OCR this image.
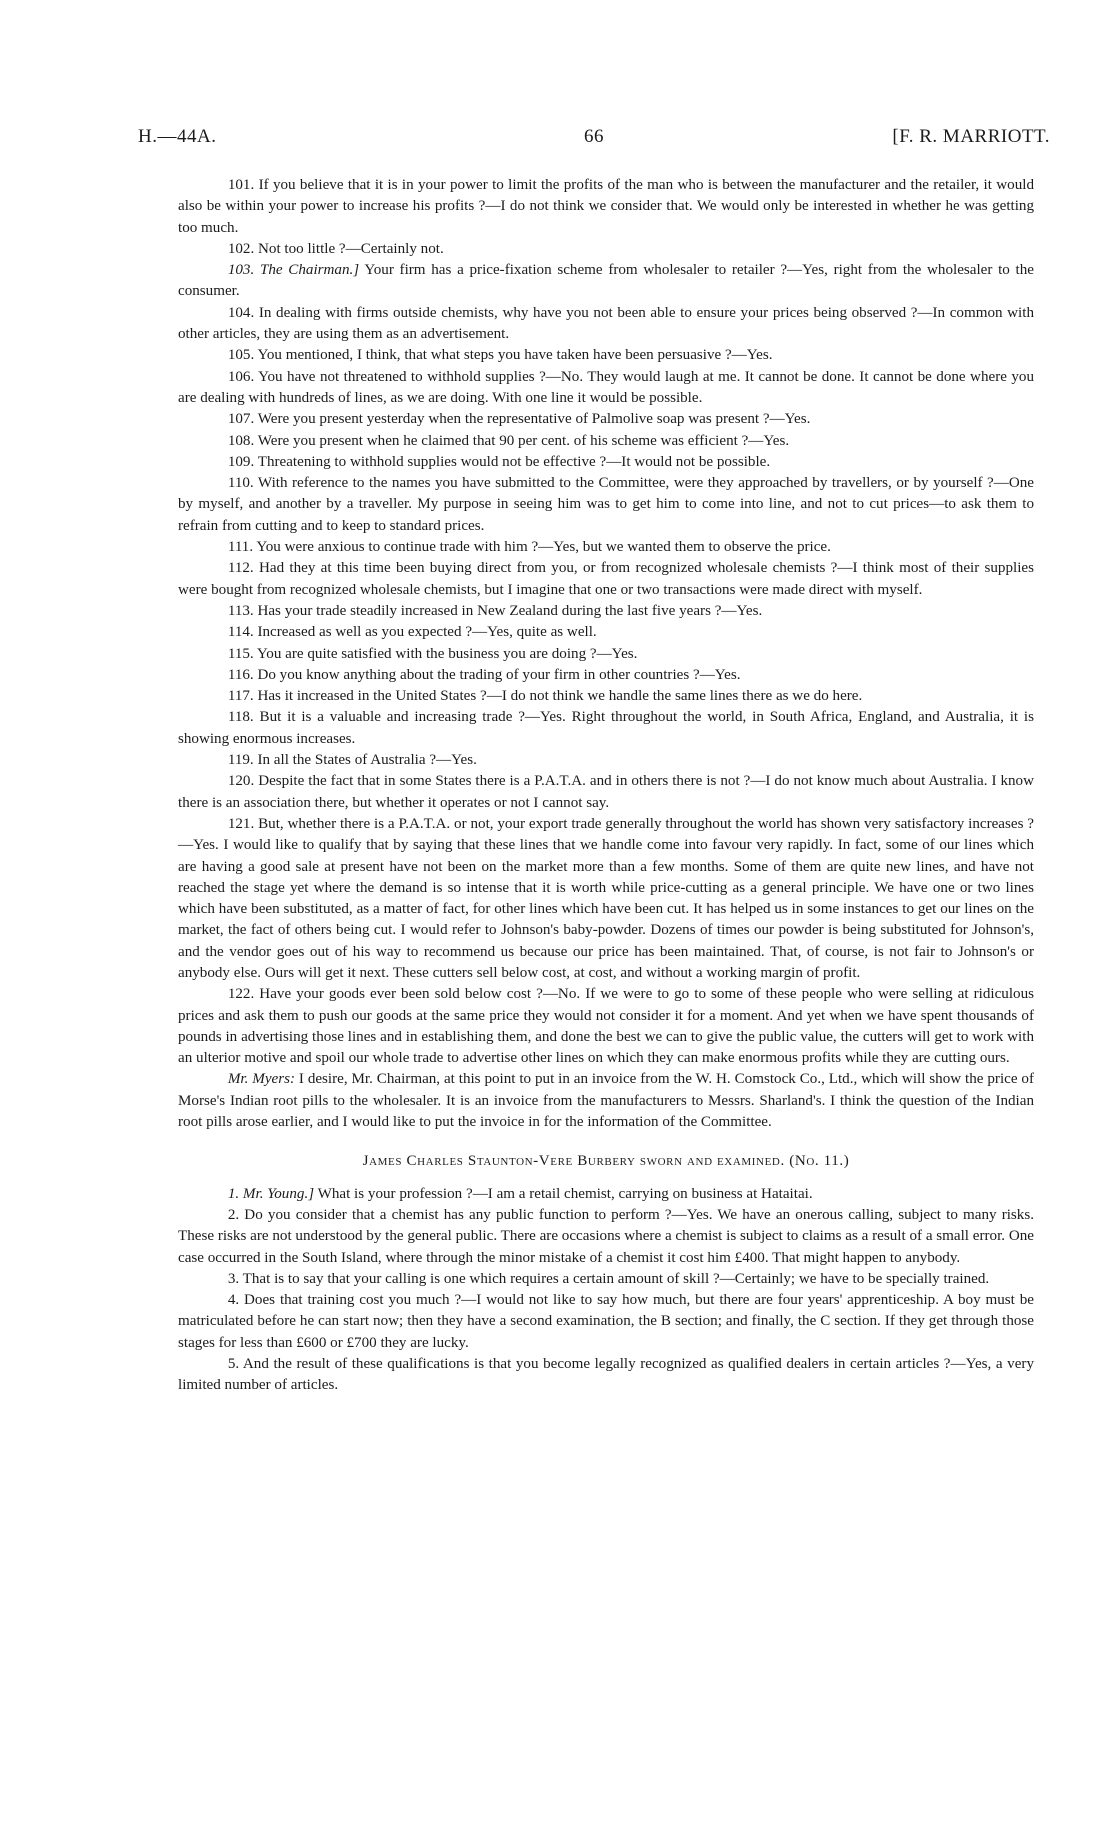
H.—44A.	66	[F. R. MARRIOTT.

101. If you believe that it is in your power to limit the profits of the man who is between the manufacturer and the retailer, it would also be within your power to increase his profits ?—I do not think we consider that. We would only be interested in whether he was getting too much.

102. Not too little ?—Certainly not.

103. The Chairman.] Your firm has a price-fixation scheme from wholesaler to retailer ?—Yes, right from the wholesaler to the consumer.

104. In dealing with firms outside chemists, why have you not been able to ensure your prices being observed ?—In common with other articles, they are using them as an advertisement.

105. You mentioned, I think, that what steps you have taken have been persuasive ?—Yes.

106. You have not threatened to withhold supplies ?—No. They would laugh at me. It cannot be done. It cannot be done where you are dealing with hundreds of lines, as we are doing. With one line it would be possible.

107. Were you present yesterday when the representative of Palmolive soap was present ?—Yes.

108. Were you present when he claimed that 90 per cent. of his scheme was efficient ?—Yes.

109. Threatening to withhold supplies would not be effective ?—It would not be possible.

110. With reference to the names you have submitted to the Committee, were they approached by travellers, or by yourself ?—One by myself, and another by a traveller. My purpose in seeing him was to get him to come into line, and not to cut prices—to ask them to refrain from cutting and to keep to standard prices.

111. You were anxious to continue trade with him ?—Yes, but we wanted them to observe the price.

112. Had they at this time been buying direct from you, or from recognized wholesale chemists ?—I think most of their supplies were bought from recognized wholesale chemists, but I imagine that one or two transactions were made direct with myself.

113. Has your trade steadily increased in New Zealand during the last five years ?—Yes.

114. Increased as well as you expected ?—Yes, quite as well.

115. You are quite satisfied with the business you are doing ?—Yes.

116. Do you know anything about the trading of your firm in other countries ?—Yes.

117. Has it increased in the United States ?—I do not think we handle the same lines there as we do here.

118. But it is a valuable and increasing trade ?—Yes. Right throughout the world, in South Africa, England, and Australia, it is showing enormous increases.

119. In all the States of Australia ?—Yes.

120. Despite the fact that in some States there is a P.A.T.A. and in others there is not ?—I do not know much about Australia. I know there is an association there, but whether it operates or not I cannot say.

121. But, whether there is a P.A.T.A. or not, your export trade generally throughout the world has shown very satisfactory increases ?—Yes. I would like to qualify that by saying that these lines that we handle come into favour very rapidly. In fact, some of our lines which are having a good sale at present have not been on the market more than a few months. Some of them are quite new lines, and have not reached the stage yet where the demand is so intense that it is worth while price-cutting as a general principle. We have one or two lines which have been substituted, as a matter of fact, for other lines which have been cut. It has helped us in some instances to get our lines on the market, the fact of others being cut. I would refer to Johnson's baby-powder. Dozens of times our powder is being substituted for Johnson's, and the vendor goes out of his way to recommend us because our price has been maintained. That, of course, is not fair to Johnson's or anybody else. Ours will get it next. These cutters sell below cost, at cost, and without a working margin of profit.

122. Have your goods ever been sold below cost ?—No. If we were to go to some of these people who were selling at ridiculous prices and ask them to push our goods at the same price they would not consider it for a moment. And yet when we have spent thousands of pounds in advertising those lines and in establishing them, and done the best we can to give the public value, the cutters will get to work with an ulterior motive and spoil our whole trade to advertise other lines on which they can make enormous profits while they are cutting ours.

Mr. Myers: I desire, Mr. Chairman, at this point to put in an invoice from the W. H. Comstock Co., Ltd., which will show the price of Morse's Indian root pills to the wholesaler. It is an invoice from the manufacturers to Messrs. Sharland's. I think the question of the Indian root pills arose earlier, and I would like to put the invoice in for the information of the Committee.

James Charles Staunton-Vere Burbery sworn and examined. (No. 11.)

1. Mr. Young.] What is your profession ?—I am a retail chemist, carrying on business at Hataitai.

2. Do you consider that a chemist has any public function to perform ?—Yes. We have an onerous calling, subject to many risks. These risks are not understood by the general public. There are occasions where a chemist is subject to claims as a result of a small error. One case occurred in the South Island, where through the minor mistake of a chemist it cost him £400. That might happen to anybody.

3. That is to say that your calling is one which requires a certain amount of skill ?—Certainly; we have to be specially trained.

4. Does that training cost you much ?—I would not like to say how much, but there are four years' apprenticeship. A boy must be matriculated before he can start now; then they have a second examination, the B section; and finally, the C section. If they get through those stages for less than £600 or £700 they are lucky.

5. And the result of these qualifications is that you become legally recognized as qualified dealers in certain articles ?—Yes, a very limited number of articles.
